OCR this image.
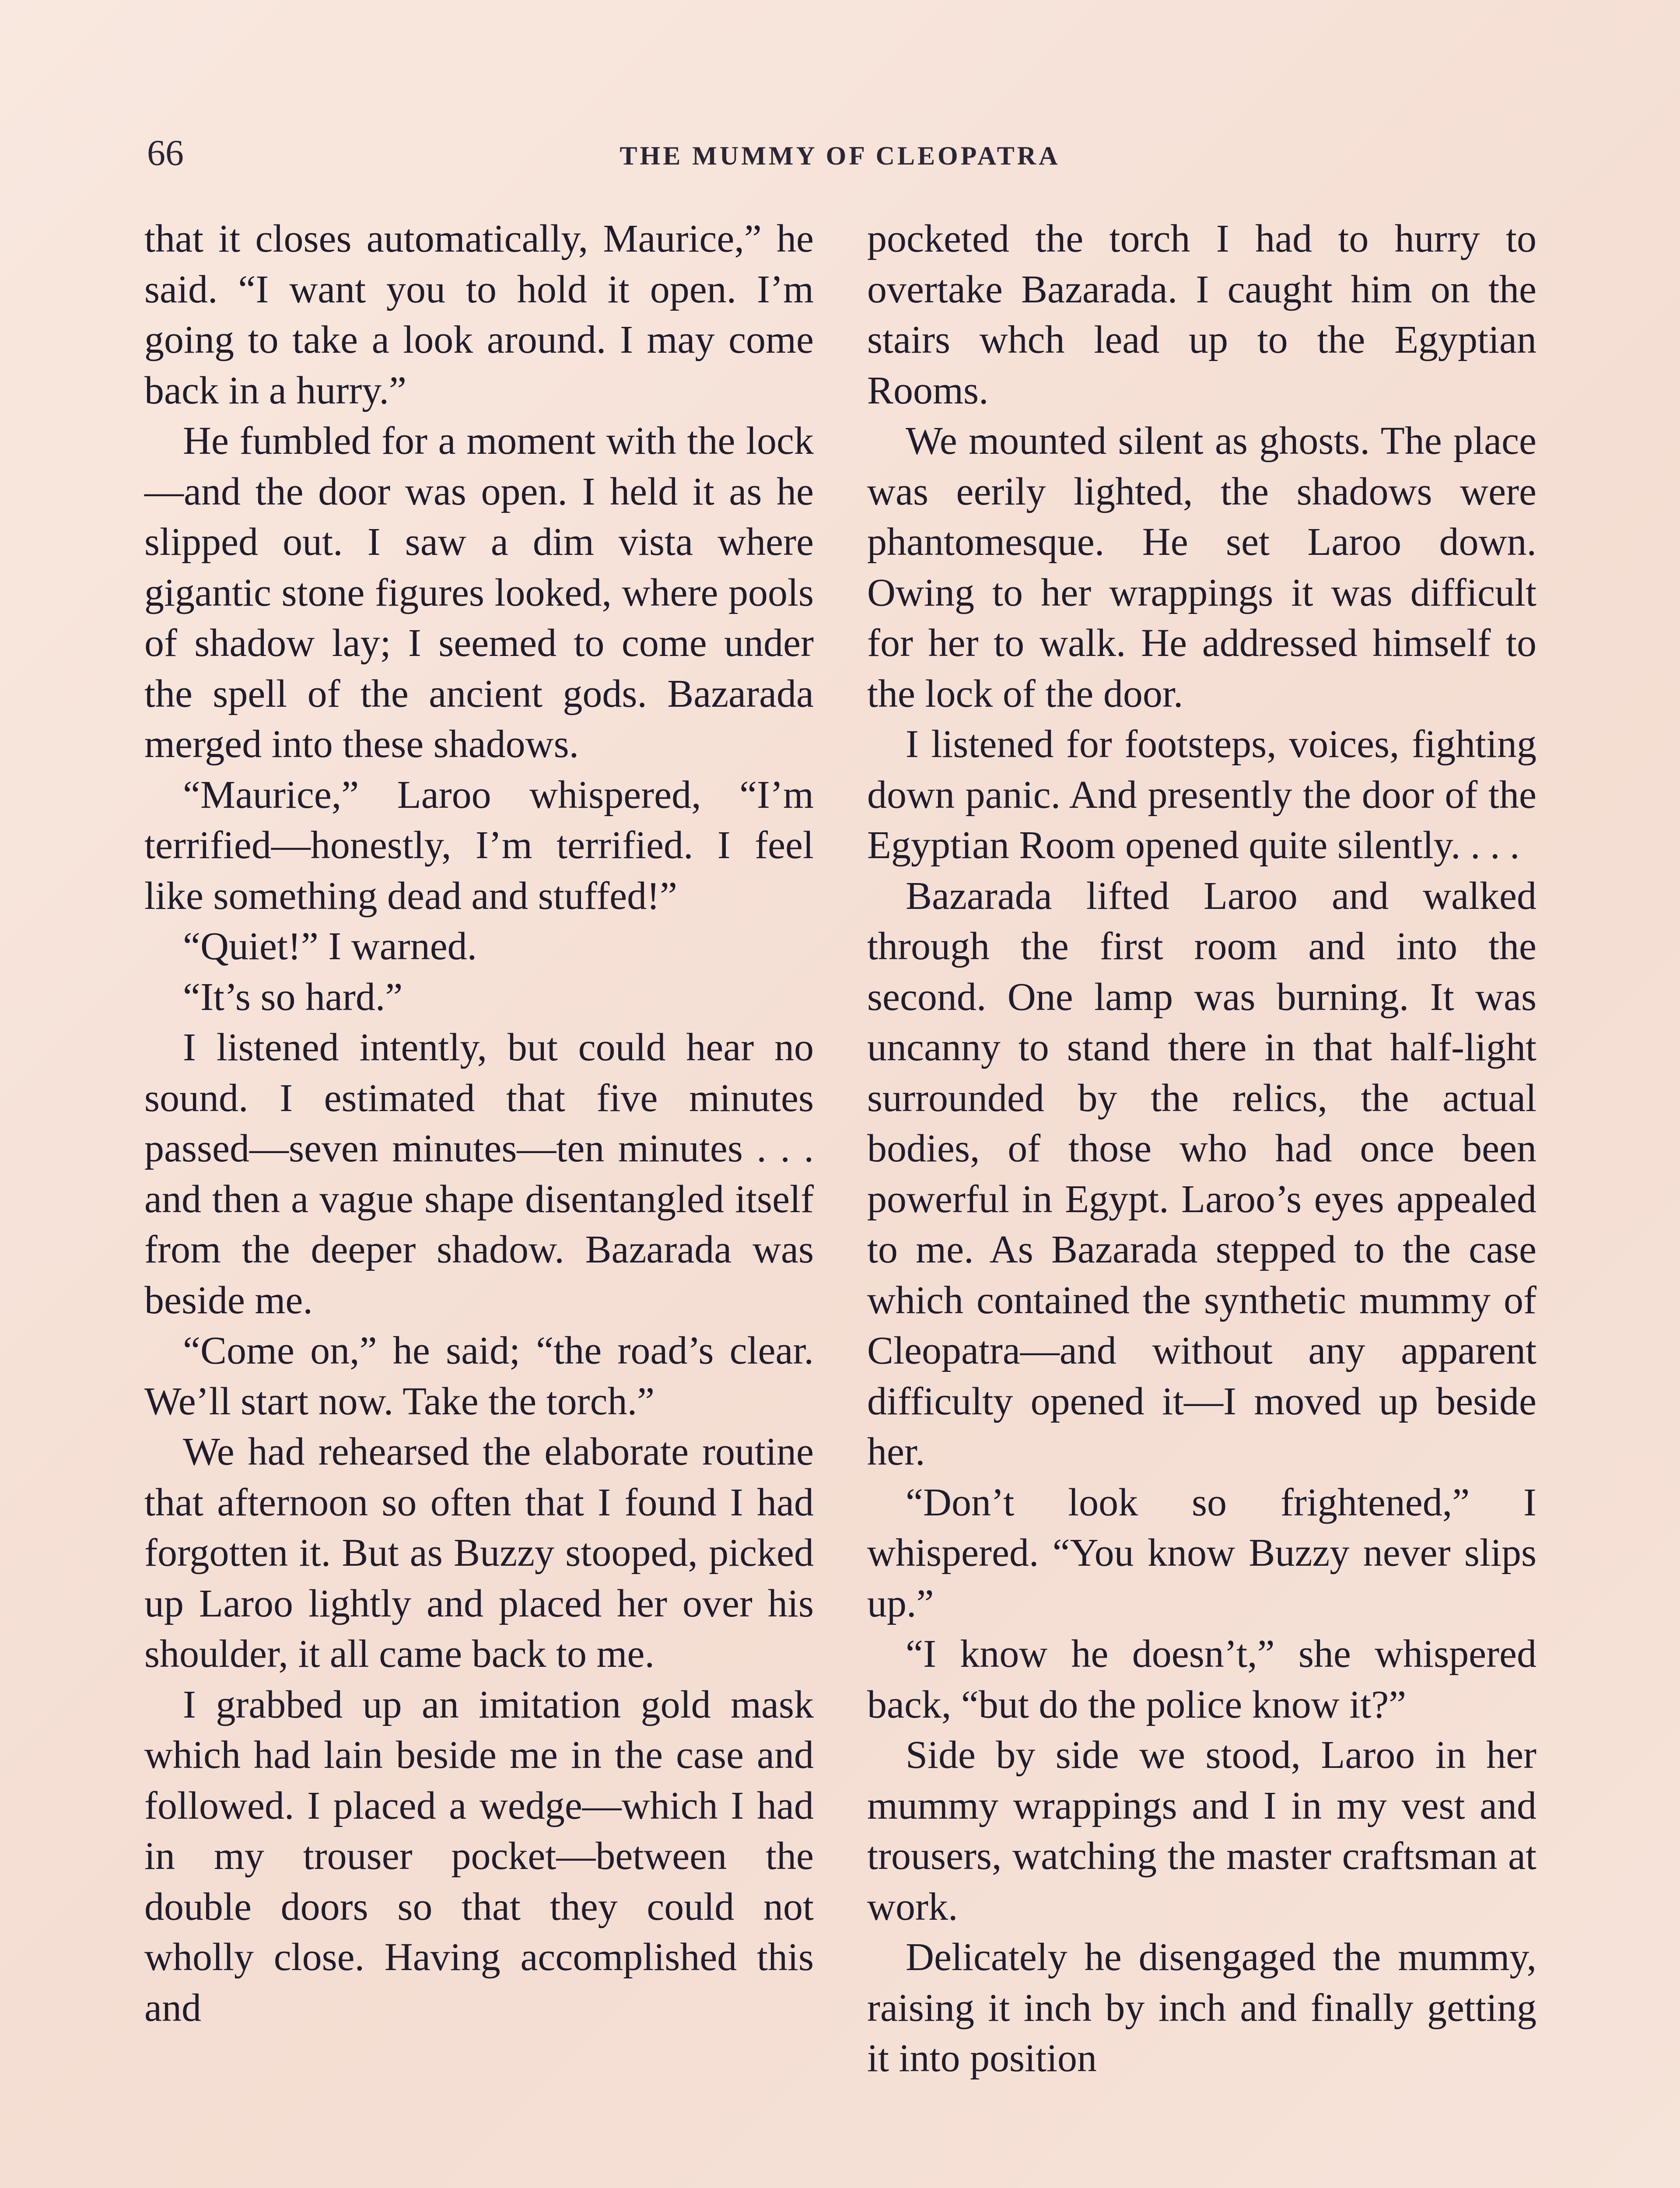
66	THE MUMMY OF CLEOPATRA

that it closes automatically, Maurice,” he said. “I want you to hold it open. I’m going to take a look around. I may come back in a hurry.”

He fumbled for a moment with the lock—and the door was open. I held it as he slipped out. I saw a dim vista where gigantic stone figures looked, where pools of shadow lay; I seemed to come under the spell of the ancient gods. Bazarada merged into these shadows.

“Maurice,” Laroo whispered, “I’m terrified—honestly, I’m terrified. I feel like something dead and stuffed!”

“Quiet!” I warned.

“It’s so hard.”

I listened intently, but could hear no sound. I estimated that five minutes passed—seven minutes—ten minutes . . . and then a vague shape disentangled itself from the deeper shadow. Bazarada was beside me.

“Come on,” he said; “the road’s clear. We’ll start now. Take the torch.”

We had rehearsed the elaborate routine that afternoon so often that I found I had forgotten it. But as Buzzy stooped, picked up Laroo lightly and placed her over his shoulder, it all came back to me.

I grabbed up an imitation gold mask which had lain beside me in the case and followed. I placed a wedge—which I had in my trouser pocket—between the double doors so that they could not wholly close. Having accomplished this and

pocketed the torch I had to hurry to overtake Bazarada. I caught him on the stairs whch lead up to the Egyptian Rooms.

We mounted silent as ghosts. The place was eerily lighted, the shadows were phantomesque. He set Laroo down. Owing to her wrappings it was difficult for her to walk. He addressed himself to the lock of the door.

I listened for footsteps, voices, fighting down panic. And presently the door of the Egyptian Room opened quite silently. . . .

Bazarada lifted Laroo and walked through the first room and into the second. One lamp was burning. It was uncanny to stand there in that half-light surrounded by the relics, the actual bodies, of those who had once been powerful in Egypt. Laroo’s eyes appealed to me. As Bazarada stepped to the case which contained the synthetic mummy of Cleopatra—and without any apparent difficulty opened it—I moved up beside her.

“Don’t look so frightened,” I whispered. “You know Buzzy never slips up.”

“I know he doesn’t,” she whispered back, “but do the police know it?”

Side by side we stood, Laroo in her mummy wrappings and I in my vest and trousers, watching the master craftsman at work.

Delicately he disengaged the mummy, raising it inch by inch and finally getting it into position
